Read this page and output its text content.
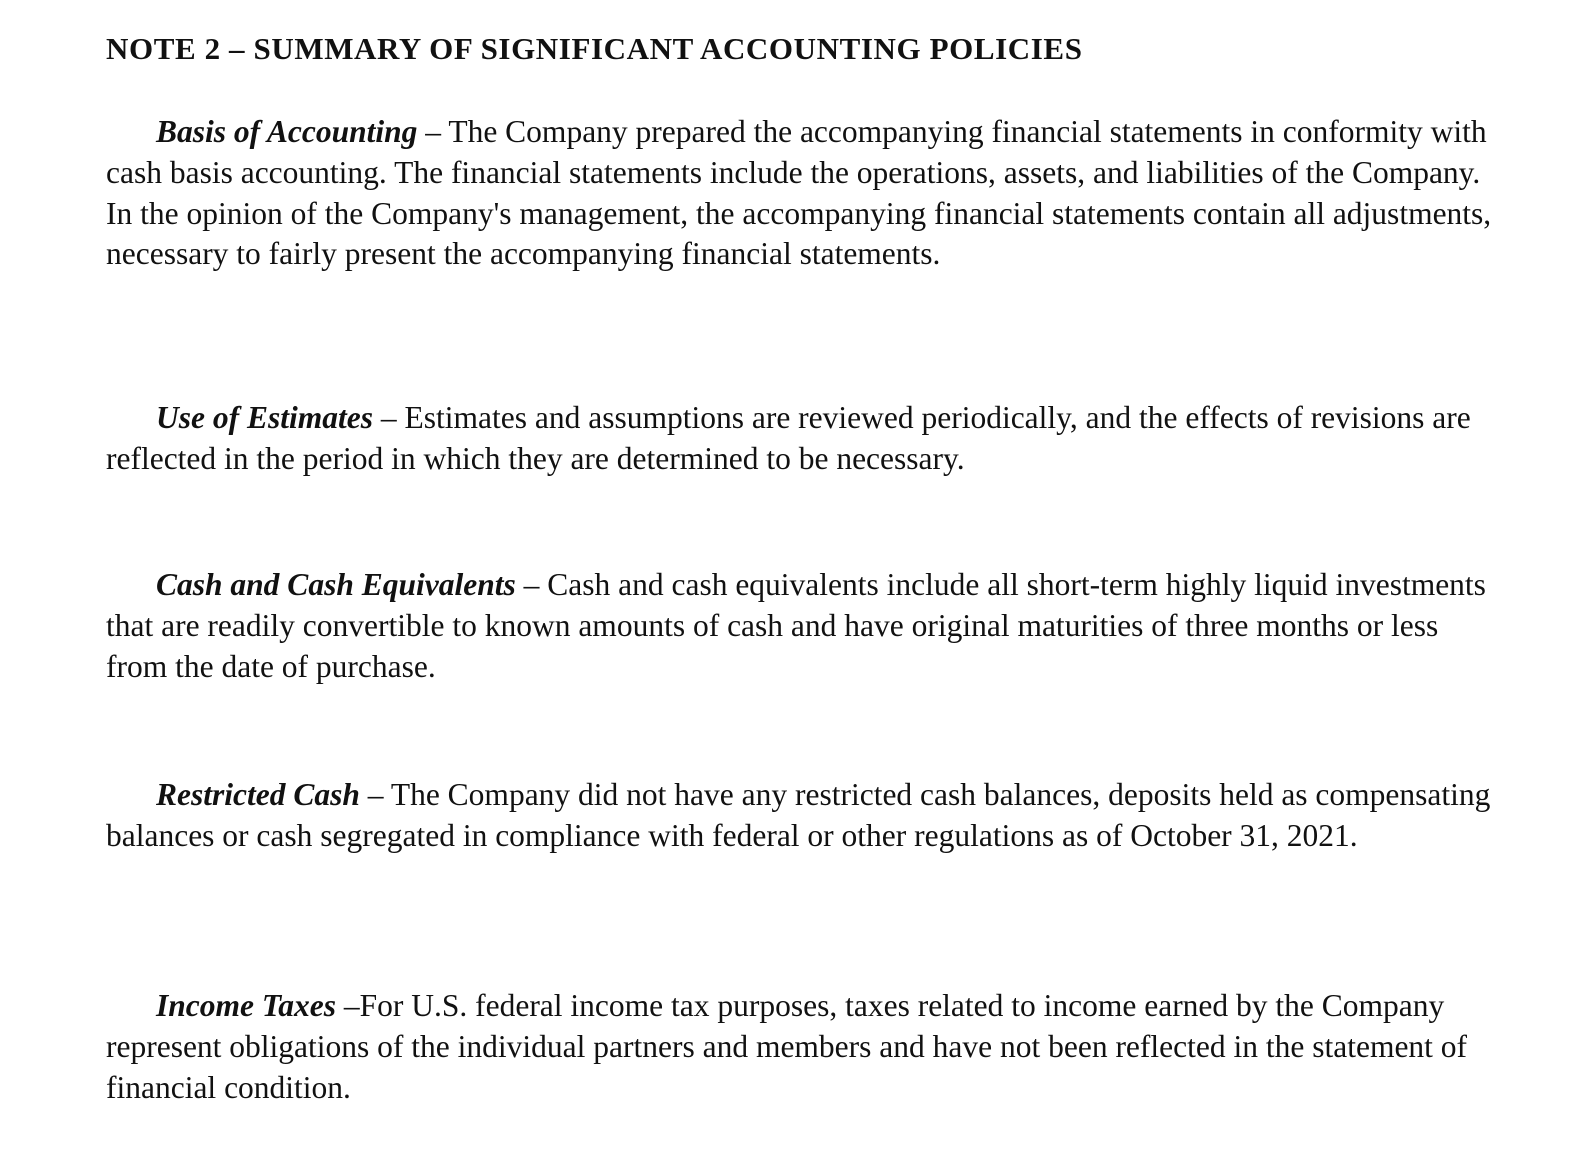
NOTE 2 – SUMMARY OF SIGNIFICANT ACCOUNTING POLICIES

Basis of Accounting – The Company prepared the accompanying financial statements in conformity with cash basis accounting. The financial statements include the operations, assets, and liabilities of the Company. In the opinion of the Company's management, the accompanying financial statements contain all adjustments, necessary to fairly present the accompanying financial statements.

Use of Estimates – Estimates and assumptions are reviewed periodically, and the effects of revisions are reflected in the period in which they are determined to be necessary.

Cash and Cash Equivalents – Cash and cash equivalents include all short-term highly liquid investments that are readily convertible to known amounts of cash and have original maturities of three months or less from the date of purchase.

Restricted Cash – The Company did not have any restricted cash balances, deposits held as compensating balances or cash segregated in compliance with federal or other regulations as of October 31, 2021.

Income Taxes –For U.S. federal income tax purposes, taxes related to income earned by the Company represent obligations of the individual partners and members and have not been reflected in the statement of financial condition.
